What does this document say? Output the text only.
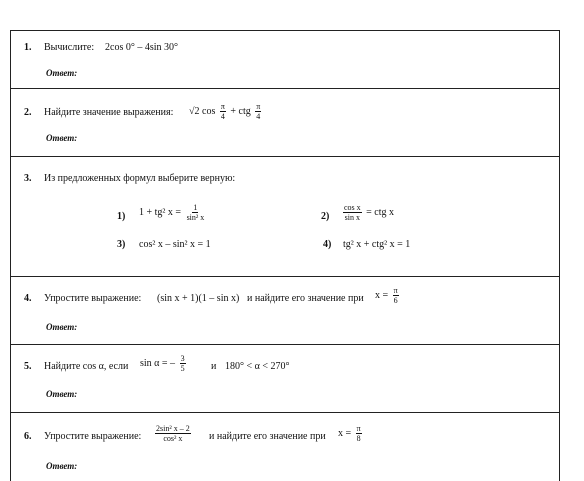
1. Вычислите: 2cos 0° – 4sin 30°
Ответ:
2. Найдите значение выражения: √2 $\cos \frac{\pi}{4}$ + ctg $\frac{\pi}{4}$
Ответ:
3. Из предложенных формул выберите верную:
1) 1 + tg² $x = \frac{1}{\text{sin² x}}$	$2) \frac{\text{cos x}}{\text{sin x}}$ = ctg x
3) cos² x – sin² x = 1	4) tg² x + ctg² x = 1
4. Упростите выражение: (sin x + 1)(1 – sin x) и найдите его значение при $x = \frac{\pi}{6}$
Ответ:
5. Найдите cos α, если sin α = – $\frac{3}{5}$	и 180° < α < 270°
Ответ:
6. Упростите выражение: $\frac{\text{2sin² x – 2}}{\text{cos² x}}$ и найдите его значение при $x = \frac{\pi}{8}$
Ответ:
